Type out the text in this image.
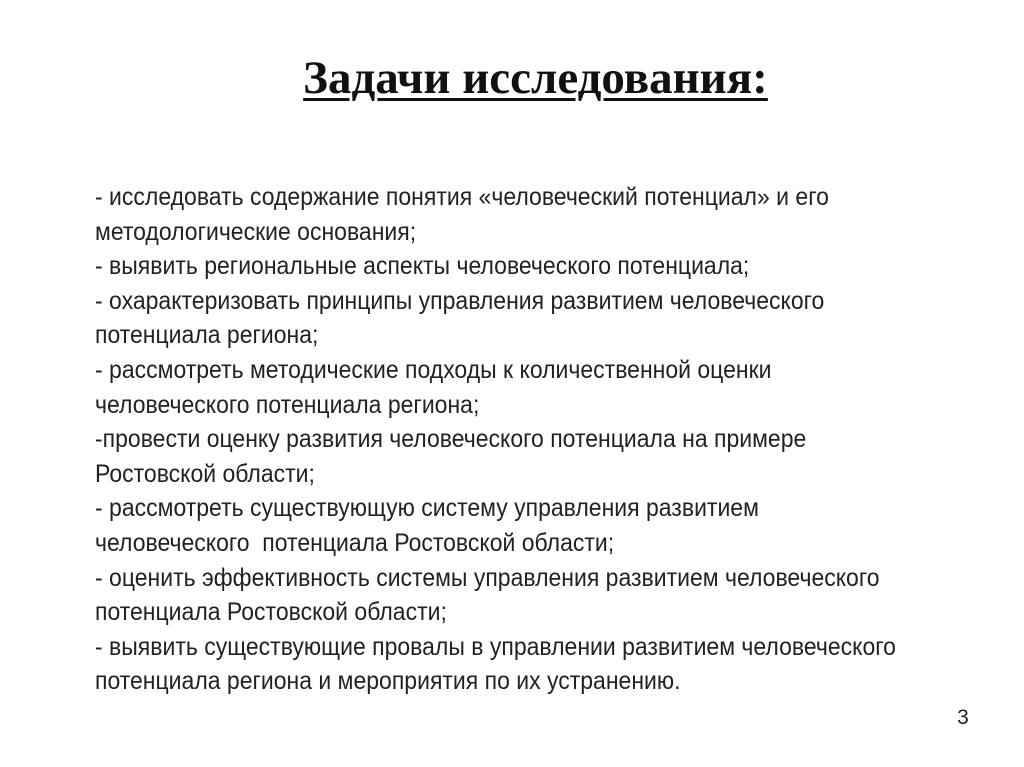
Задачи исследования:
- исследовать содержание понятия «человеческий потенциал» и его
методологические основания;
- выявить региональные аспекты человеческого потенциала;
- охарактеризовать принципы управления развитием человеческого
потенциала региона;
- рассмотреть методические подходы к количественной оценки
человеческого потенциала региона;
-провести оценку развития человеческого потенциала на примере
Ростовской области;
- рассмотреть существующую систему управления развитием
человеческого  потенциала Ростовской области;
- оценить эффективность системы управления развитием человеческого
потенциала Ростовской области;
- выявить существующие провалы в управлении развитием человеческого
потенциала региона и мероприятия по их устранению.
3
